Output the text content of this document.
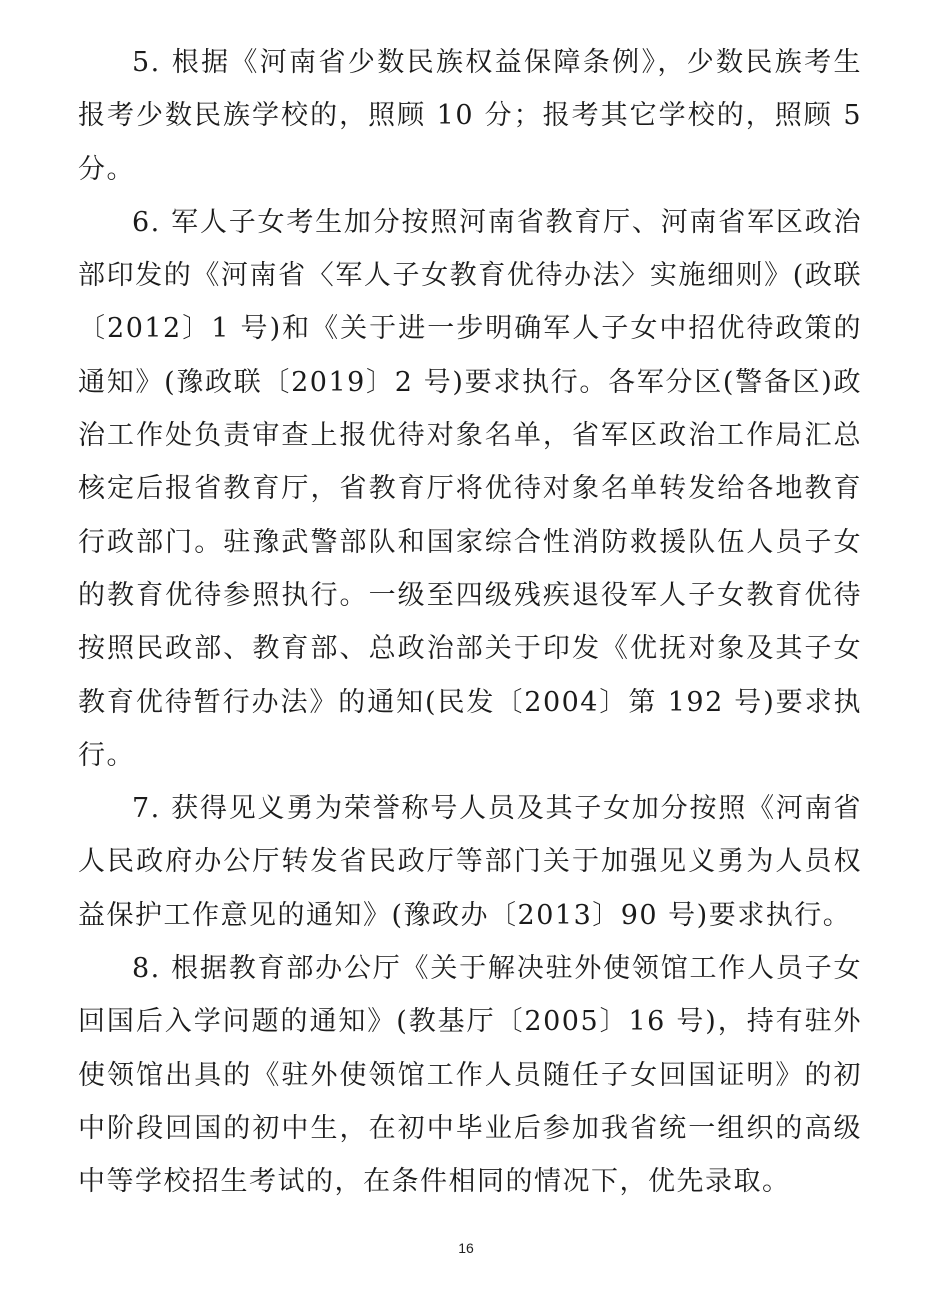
5. 根据《河南省少数民族权益保障条例》，少数民族考生报考少数民族学校的，照顾 10 分；报考其它学校的，照顾 5 分。

6. 军人子女考生加分按照河南省教育厅、河南省军区政治部印发的《河南省〈军人子女教育优待办法〉实施细则》(政联〔2012〕1 号)和《关于进一步明确军人子女中招优待政策的通知》(豫政联〔2019〕2 号)要求执行。各军分区(警备区)政治工作处负责审查上报优待对象名单，省军区政治工作局汇总核定后报省教育厅，省教育厅将优待对象名单转发给各地教育行政部门。驻豫武警部队和国家综合性消防救援队伍人员子女的教育优待参照执行。一级至四级残疾退役军人子女教育优待按照民政部、教育部、总政治部关于印发《优抚对象及其子女教育优待暂行办法》的通知(民发〔2004〕第 192 号)要求执行。

7. 获得见义勇为荣誉称号人员及其子女加分按照《河南省人民政府办公厅转发省民政厅等部门关于加强见义勇为人员权益保护工作意见的通知》(豫政办〔2013〕90 号)要求执行。

8. 根据教育部办公厅《关于解决驻外使领馆工作人员子女回国后入学问题的通知》(教基厅〔2005〕16 号)，持有驻外使领馆出具的《驻外使领馆工作人员随任子女回国证明》的初中阶段回国的初中生，在初中毕业后参加我省统一组织的高级中等学校招生考试的，在条件相同的情况下，优先录取。

16
